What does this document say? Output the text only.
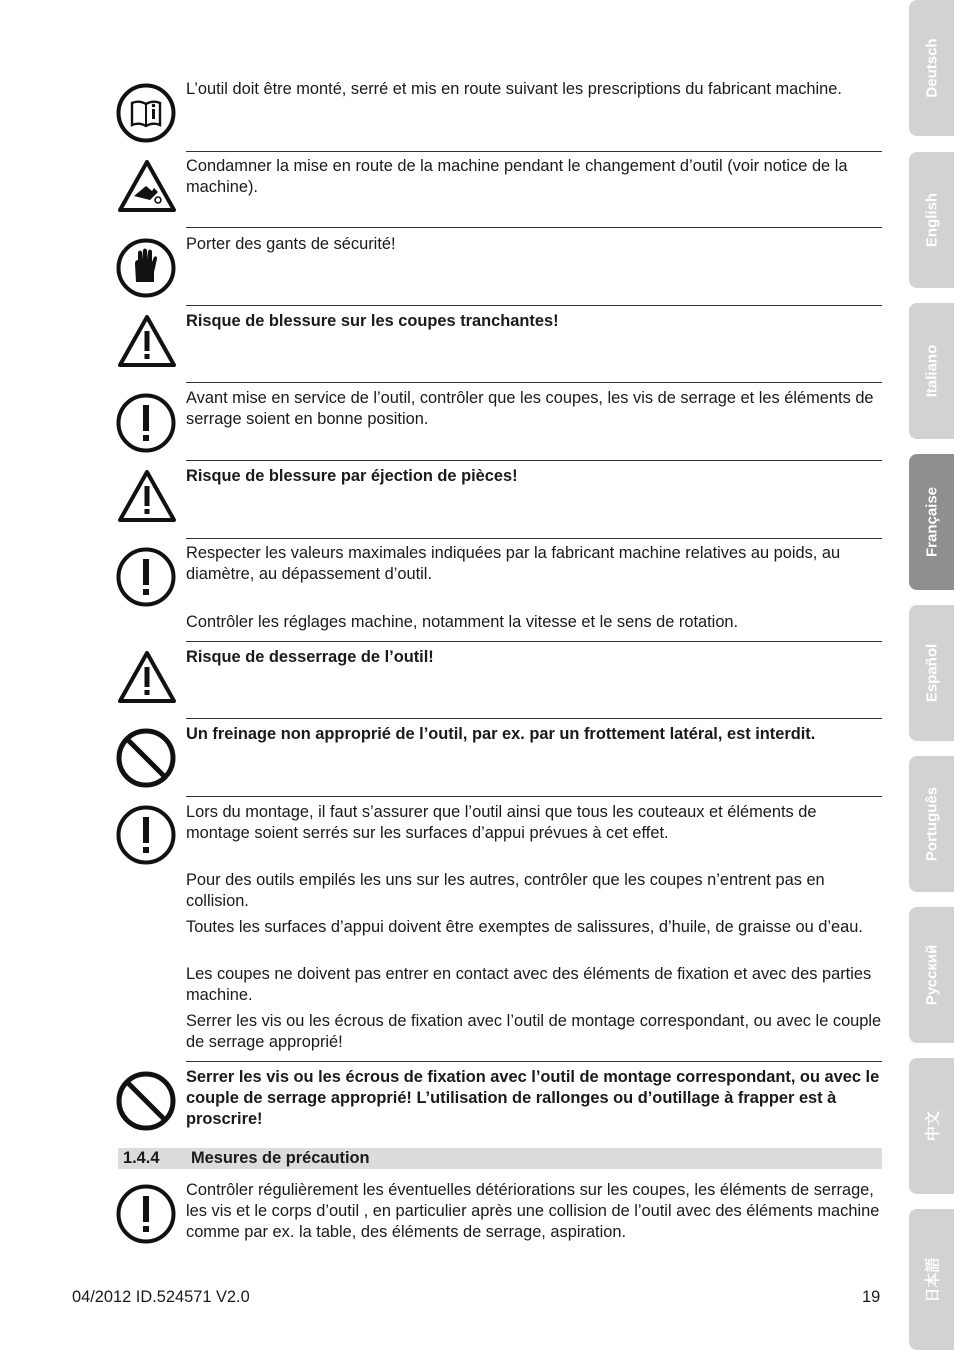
L’outil doit être monté, serré et mis en route suivant les prescriptions du fabricant machine.
Condamner la mise en route de la machine pendant le changement d’outil (voir notice de la machine).
Porter des gants de sécurité!
Risque de blessure sur les coupes tranchantes!
Avant mise en service de l’outil, contrôler que les coupes, les vis de serrage et les éléments de serrage soient en bonne position.
Risque de blessure par éjection de pièces!
Respecter les valeurs maximales indiquées par la fabricant machine relatives au poids, au diamètre, au dépassement d’outil.
Contrôler les réglages machine, notamment la vitesse et le sens de rotation.
Risque de desserrage de l’outil!
Un freinage non approprié de l’outil, par ex. par un frottement latéral, est interdit.
Lors du montage, il faut s’assurer que l’outil ainsi que tous les couteaux et éléments de montage soient serrés sur les surfaces d’appui prévues à cet effet.
Pour des outils empilés les uns sur les autres, contrôler que les coupes n’entrent pas en collision.
Toutes les surfaces d’appui doivent être exemptes de salissures, d’huile, de graisse ou d’eau.
Les coupes ne doivent pas entrer en contact avec des éléments de fixation et avec des parties machine.
Serrer les vis ou les écrous de fixation avec l’outil de montage correspondant, ou avec le couple de serrage approprié!
Serrer les vis ou les écrous de fixation avec l’outil de montage correspondant, ou avec le couple de serrage approprié! L’utilisation de rallonges ou d’outillage à frapper est à proscrire!
1.4.4 Mesures de précaution
Contrôler régulièrement les éventuelles détériorations sur les coupes, les éléments de serrage, les vis et le corps d’outil , en particulier après une collision de l’outil avec des éléments machine comme par ex. la table, des éléments de serrage, aspiration.
04/2012 ID.524571 V2.0	19
Deutsch
English
Italiano
Française
Español
Português
Русский
中文
日本語
